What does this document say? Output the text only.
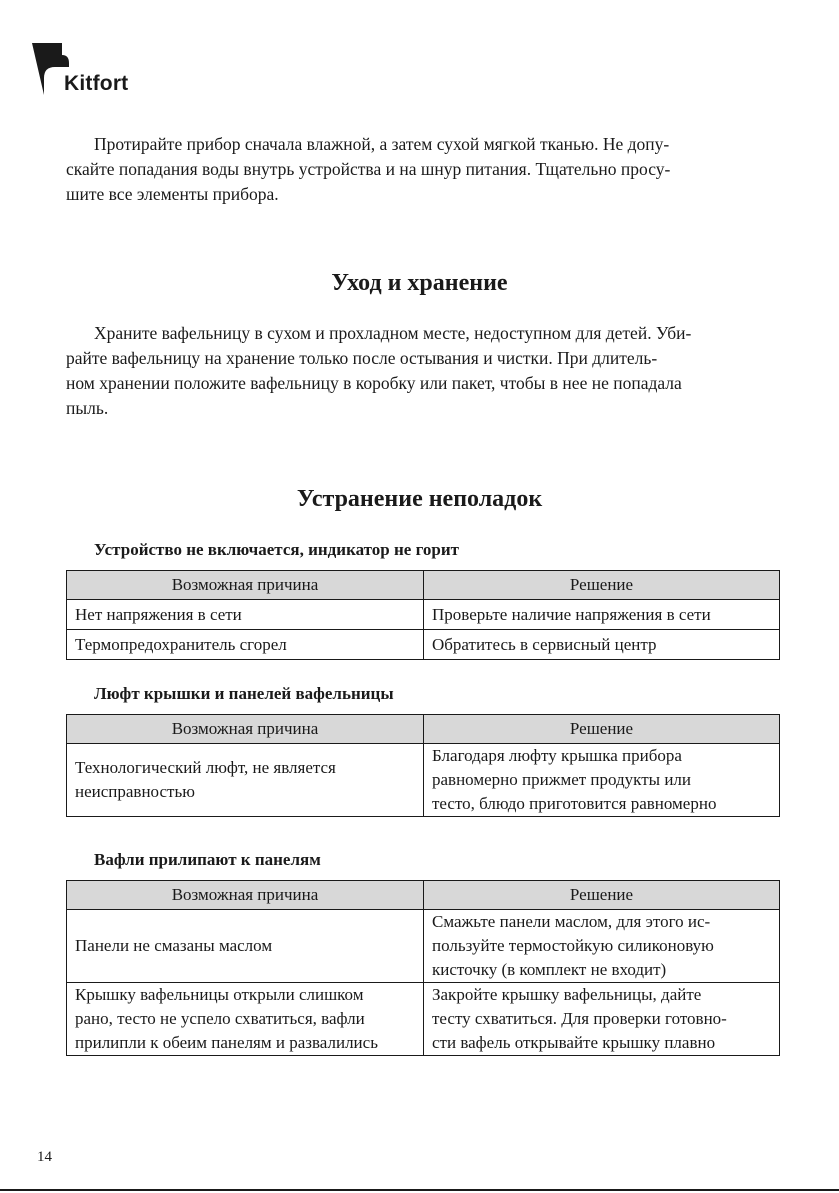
Kitfort

Протирайте прибор сначала влажной, а затем сухой мягкой тканью. Не допу-
скайте попадания воды внутрь устройства и на шнур питания. Тщательно просу-
шите все элементы прибора.

Уход и хранение

Храните вафельницу в сухом и прохладном месте, недоступном для детей. Уби-
райте вафельницу на хранение только после остывания и чистки. При длитель-
ном хранении положите вафельницу в коробку или пакет, чтобы в нее не попадала
пыль.

Устранение неполадок
Устройство не включается, индикатор не горит
Возможная причина	Решение

Нет напряжения в сети	Проверьте наличие напряжения в сети

Термопредохранитель сгорел	Обратитесь в сервисный центр
Люфт крышки и панелей вафельницы
Возможная причина	Решение

Технологический люфт, не является
неисправностью	Благодаря люфту крышка прибора
равномерно прижмет продукты или
тесто, блюдо приготовится равномерно
Вафли прилипают к панелям
Возможная причина	Решение

Панели не смазаны маслом	Смажьте панели маслом, для этого ис-
пользуйте термостойкую силиконовую
кисточку (в комплект не входит)

Крышку вафельницы открыли слишком
рано, тесто не успело схватиться, вафли
прилипли к обеим панелям и развалились	Закройте крышку вафельницы, дайте
тесту схватиться. Для проверки готовно-
сти вафель открывайте крышку плавно
14
